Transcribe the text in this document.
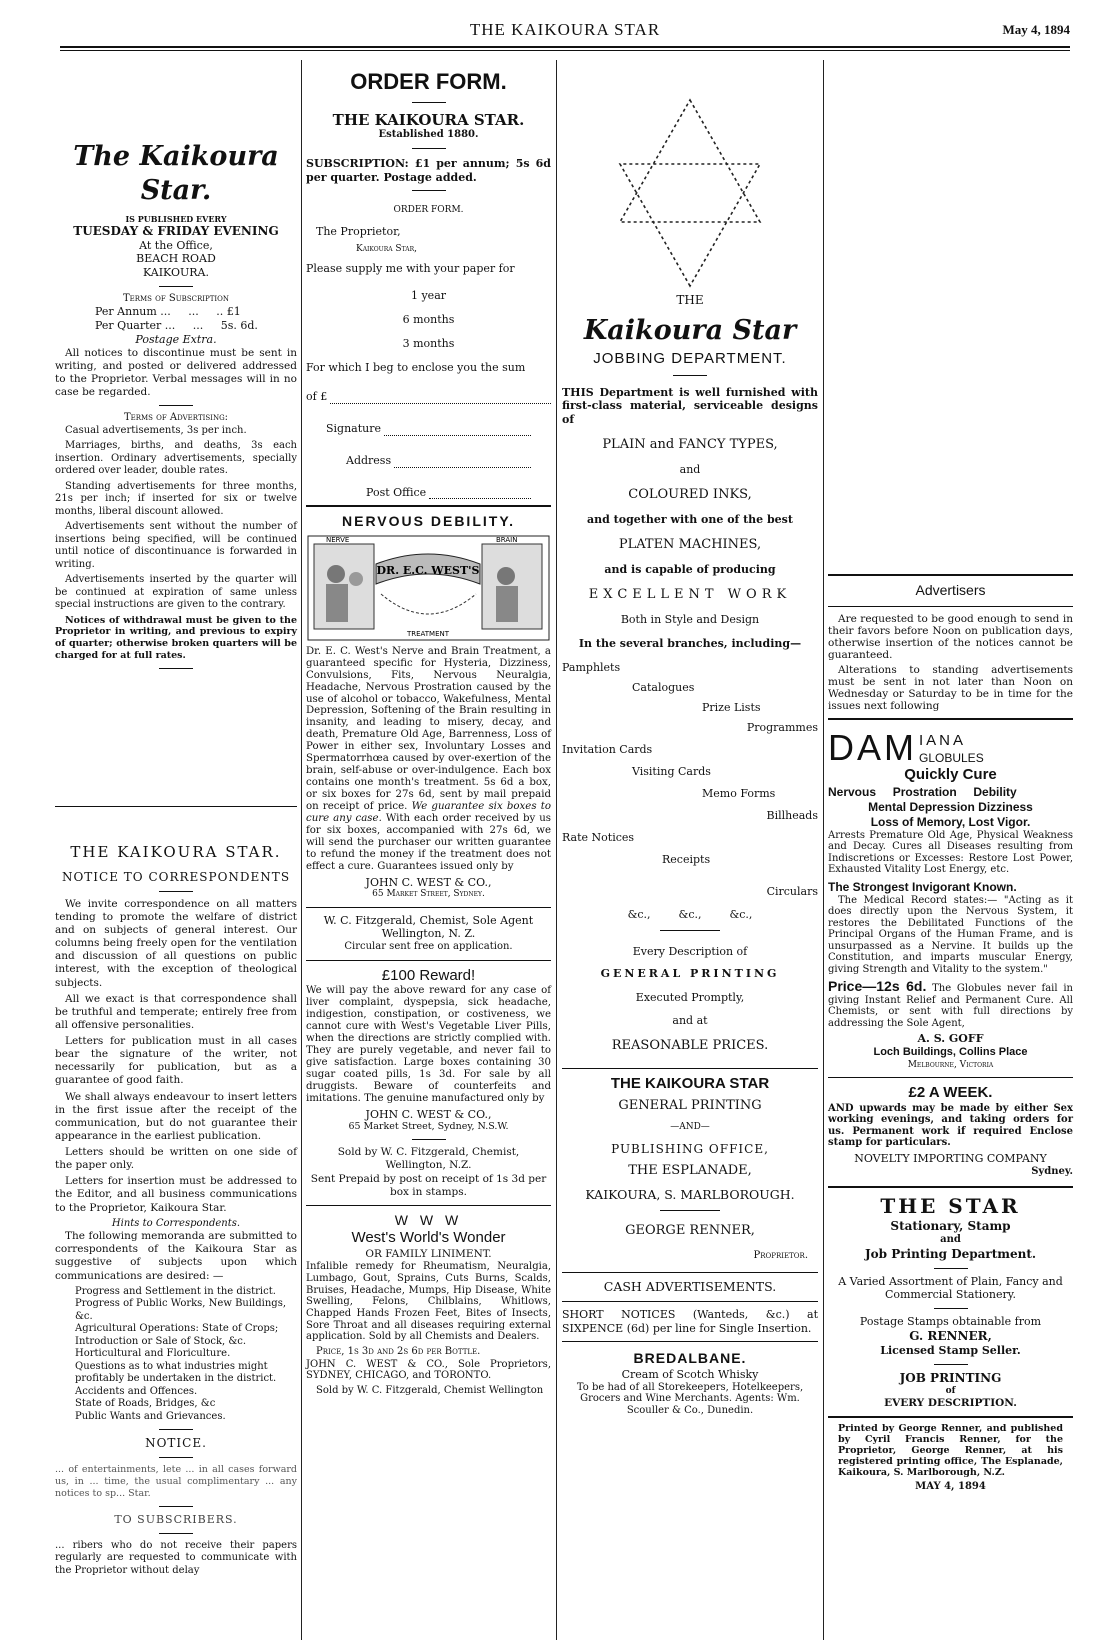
THE KAIKOURA STAR	May 4, 1894
The Kaikoura Star.
IS PUBLISHED EVERY
TUESDAY & FRIDAY EVENING
At the Office,
BEACH ROAD
KAIKOURA.
Terms of Subscription
Per Annum ...     ...     .. £1
Per Quarter ...     ...     5s. 6d.
Postage Extra.

All notices to discontinue must be sent in writing, and posted or delivered addressed to the Proprietor. Verbal messages will in no case be regarded.

Terms of Advertising:

Casual advertisements, 3s per inch.

Marriages, births, and deaths, 3s each insertion. Ordinary advertisements, specially ordered over leader, double rates.

Standing advertisements for three months, 21s per inch; if inserted for six or twelve months, liberal discount allowed.

Advertisements sent without the number of insertions being specified, will be continued until notice of discontinuance is forwarded in writing.

Advertisements inserted by the quarter will be continued at expiration of same unless special instructions are given to the contrary.

Notices of withdrawal must be given to the Proprietor in writing, and previous to expiry of quarter; otherwise broken quarters will be charged for at full rates.

THE KAIKOURA STAR.
NOTICE TO CORRESPONDENTS

We invite correspondence on all matters tending to promote the welfare of district and on subjects of general interest. Our columns being freely open for the ventilation and discussion of all questions on public interest, with the exception of theological subjects.

All we exact is that correspondence shall be truthful and temperate; entirely free from all offensive personalities.

Letters for publication must in all cases bear the signature of the writer, not necessarily for publication, but as a guarantee of good faith.

We shall always endeavour to insert letters in the first issue after the receipt of the communication, but do not guarantee their appearance in the earliest publication.

Letters should be written on one side of the paper only.

Letters for insertion must be addressed to the Editor, and all business communications to the Proprietor, Kaikoura Star.

Hints to Correspondents.

The following memoranda are submitted to correspondents of the Kaikoura Star as suggestive of subjects upon which communications are desired: —

Progress and Settlement in the district.
Progress of Public Works, New Buildings, &c.
Agricultural Operations: State of Crops; Introduction or Sale of Stock, &c.
Horticultural and Floriculture.
Questions as to what industries might profitably be undertaken in the district.
Accidents and Offences.
State of Roads, Bridges, &c
Public Wants and Grievances.
NOTICE.

... of entertainments, lete ... in all cases forward us, in ... time, the usual complimentary ... any notices to sp... Star.

TO SUBSCRIBERS.

... ribers who do not receive their papers regularly are requested to communicate with the Proprietor without delay

ORDER FORM.
THE KAIKOURA STAR.
Established 1880.

SUBSCRIPTION: £1 per annum; 5s 6d per quarter. Postage added.

ORDER FORM.
The Proprietor,
Kaikoura Star,

Please supply me with your paper for

1 year
6 months
3 months
For which I beg to enclose you the sum
of £
Signature
Address
Post Office
NERVOUS DEBILITY.
DR. E.C. WEST'S
NERVE	BRAIN
TREATMENT

Dr. E. C. West's Nerve and Brain Treatment, a guaranteed specific for Hysteria, Dizziness, Convulsions, Fits, Nervous Neuralgia, Headache, Nervous Prostration caused by the use of alcohol or tobacco, Wakefulness, Mental Depression, Softening of the Brain resulting in insanity, and leading to misery, decay, and death, Premature Old Age, Barrenness, Loss of Power in either sex, Involuntary Losses and Spermatorrhœa caused by over-exertion of the brain, self-abuse or over-indulgence. Each box contains one month's treatment. 5s 6d a box, or six boxes for 27s 6d, sent by mail prepaid on receipt of price. We guarantee six boxes to cure any case. With each order received by us for six boxes, accompanied with 27s 6d, we will send the purchaser our written guarantee to refund the money if the treatment does not effect a cure. Guarantees issued only by

JOHN C. WEST & CO.,
65 Market Street, Sydney.
W. C. Fitzgerald, Chemist, Sole Agent Wellington, N. Z.
Circular sent free on application.
£100 Reward!

We will pay the above reward for any case of liver complaint, dyspepsia, sick headache, indigestion, constipation, or costiveness, we cannot cure with West's Vegetable Liver Pills, when the directions are strictly complied with. They are purely vegetable, and never fail to give satisfaction. Large boxes containing 30 sugar coated pills, 1s 3d. For sale by all druggists. Beware of counterfeits and imitations. The genuine manufactured only by

JOHN C. WEST & CO.,
65 Market Street, Sydney, N.S.W.
Sold by W. C. Fitzgerald, Chemist, Wellington, N.Z.
Sent Prepaid by post on receipt of 1s 3d per box in stamps.
W W W
West's World's Wonder
OR FAMILY LINIMENT.

Infalible remedy for Rheumatism, Neuralgia, Lumbago, Gout, Sprains, Cuts Burns, Scalds, Bruises, Headache, Mumps, Hip Disease, White Swelling, Felons, Chilblains, Whitlows, Chapped Hands Frozen Feet, Bites of Insects, Sore Throat and all diseases requiring external application. Sold by all Chemists and Dealers.

Price, 1s 3d and 2s 6d per Bottle.

JOHN C. WEST & CO., Sole Proprietors, SYDNEY, CHICAGO, and TORONTO.

Sold by W. C. Fitzgerald, Chemist Wellington
THE
Kaikoura Star
JOBBING DEPARTMENT.

THIS Department is well furnished with first-class material, serviceable designs of

PLAIN and FANCY TYPES,
and
COLOURED INKS,
and together with one of the best
PLATEN MACHINES,
and is capable of producing
EXCELLENT WORK
Both in Style and Design
In the several branches, including—
Pamphlets
Catalogues
Prize Lists
Programmes
Invitation Cards
Visiting Cards
Memo Forms
Billheads
Rate Notices
Receipts
Circulars
&c.,        &c.,        &c.,
Every Description of
GENERAL PRINTING
Executed Promptly,
and at
REASONABLE PRICES.
THE KAIKOURA STAR
GENERAL PRINTING
—AND—
PUBLISHING OFFICE,
THE ESPLANADE,
KAIKOURA, S. MARLBOROUGH.
GEORGE RENNER,
Proprietor.
CASH ADVERTISEMENTS.

SHORT NOTICES (Wanteds, &c.) at SIXPENCE (6d) per line for Single Insertion.

BREDALBANE.
Cream of Scotch Whisky

To be had of all Storekeepers, Hotelkeepers, Grocers and Wine Merchants. Agents: Wm. Scouller & Co., Dunedin.

Advertisers

Are requested to be good enough to send in their favors before Noon on publication days, otherwise insertion of the notices cannot be guaranteed.

Alterations to standing advertisements must be sent in not later than Noon on Wednesday or Saturday to be in time for the issues next following

DAM IANA
GLOBULES
Quickly Cure
Nervous     Prostration     Debility
Mental Depression Dizziness
Loss of Memory, Lost Vigor.

Arrests Premature Old Age, Physical Weakness and Decay. Cures all Diseases resulting from Indiscretions or Excesses: Restore Lost Power, Exhausted Vitality Lost Energy, etc.

The Strongest Invigorant Known.

The Medical Record states:— "Acting as it does directly upon the Nervous System, it restores the Debilitated Functions of the Principal Organs of the Human Frame, and is unsurpassed as a Nervine. It builds up the Constitution, and imparts muscular Energy, giving Strength and Vitality to the system."

Price—12s 6d. The Globules never fail in giving Instant Relief and Permanent Cure. All Chemists, or sent with full directions by addressing the Sole Agent,

A. S. GOFF
Loch Buildings, Collins Place
Melbourne, Victoria
£2 A WEEK.

AND upwards may be made by either Sex working evenings, and taking orders for us. Permanent work if required Enclose stamp for particulars.

NOVELTY IMPORTING COMPANY
Sydney.
THE STAR
Stationary, Stamp
and
Job Printing Department.

A Varied Assortment of Plain, Fancy and Commercial Stationery.

Postage Stamps obtainable from
G. RENNER,
Licensed Stamp Seller.
JOB PRINTING
of
EVERY DESCRIPTION.

Printed by George Renner, and published by Cyril Francis Renner, for the Proprietor, George Renner, at his registered printing office, The Esplanade, Kaikoura, S. Marlborough, N.Z.

MAY 4, 1894
